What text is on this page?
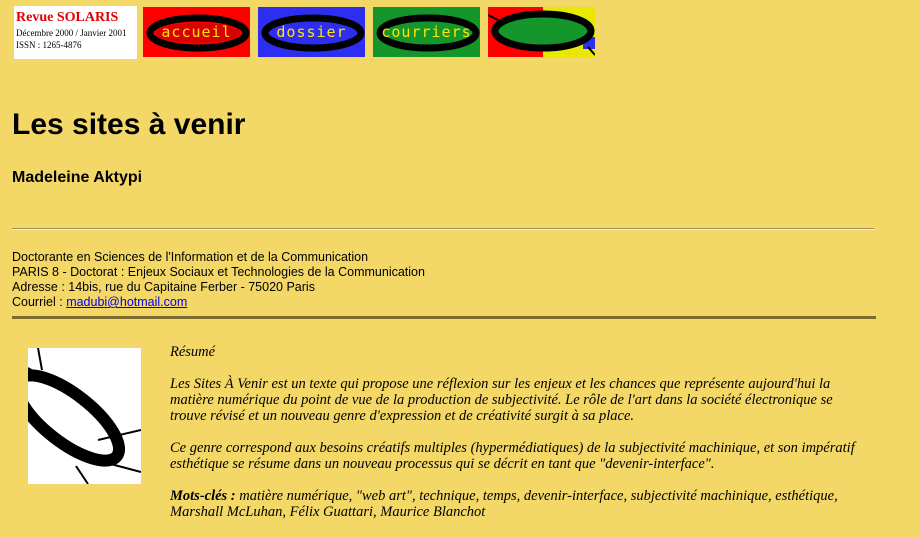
Revue SOLARIS
Décembre 2000 / Janvier 2001
ISSN : 1265-4876
accueil	dossier	courriers
Les sites à venir
Madeleine Aktypi
Doctorante en Sciences de l'Information et de la Communication
PARIS 8 - Doctorat : Enjeux Sociaux et Technologies de la Communication
Adresse : 14bis, rue du Capitaine Ferber - 75020 Paris
Courriel : madubi@hotmail.com

Résumé

Les Sites À Venir est un texte qui propose une réflexion sur les enjeux et les chances que représente aujourd'hui la matière numérique du point de vue de la production de subjectivité. Le rôle de l'art dans la société électronique se trouve révisé et un nouveau genre d'expression et de créativité surgit à sa place.

Ce genre correspond aux besoins créatifs multiples (hypermédiatiques) de la subjectivité machinique, et son impératif esthétique se résume dans un nouveau processus qui se décrit en tant que "devenir-interface".

Mots-clés : matière numérique, "web art", technique, temps, devenir-interface, subjectivité machinique, esthétique, Marshall McLuhan, Félix Guattari, Maurice Blanchot
